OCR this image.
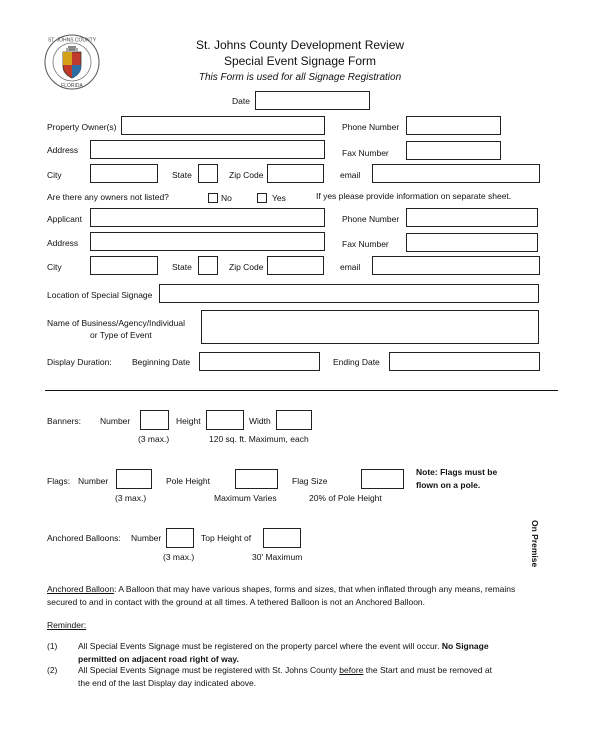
ST. JOHNS COUNTY
FLORIDA
St. Johns County Development Review
Special Event Signage Form
This Form is used for all Signage Registration
Date
Property Owner(s)	Phone Number
Address	Fax Number
City	State	Zip Code	email
Are there any owners not listed?	No	Yes	If yes please provide information on separate sheet.
Applicant	Phone Number
Address	Fax Number
City	State	Zip Code	email
Location of Special Signage
Name of Business/Agency/Individual
or Type of Event
Display Duration: Beginning Date	Ending Date
Banners: Number	Height	Width
(3 max.)	120 sq. ft. Maximum, each
Flags: Number	Pole Height	Flag Size
Note: Flags must be
flown on a pole.
(3 max.)	Maximum Varies	20% of Pole Height
Anchored Balloons: Number	Top Height of
(3 max.)	30' Maximum	On Premise
Anchored Balloon: A Balloon that may have various shapes, forms and sizes, that when inflated through any means, remains
secured to and in contact with the ground at all times. A tethered Balloon is not an Anchored Balloon.
Reminder:
(1) All Special Events Signage must be registered on the property parcel where the event will occur. No Signage
permitted on adjacent road right of way.
(2) All Special Events Signage must be registered with St. Johns County before the Start and must be removed at
the end of the last Display day indicated above.
